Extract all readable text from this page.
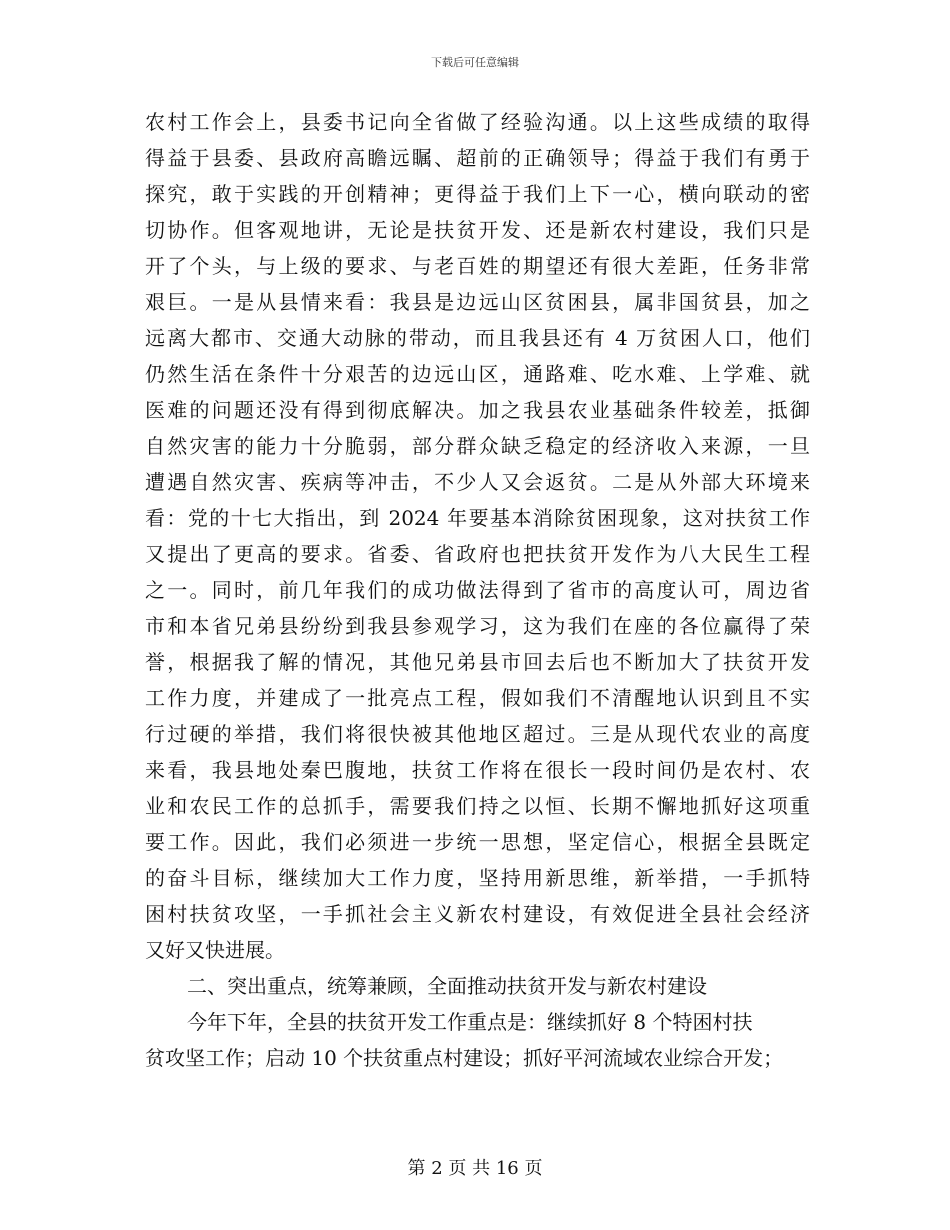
下载后可任意编辑
农村工作会上，县委书记向全省做了经验沟通。以上这些成绩的取得
得益于县委、县政府高瞻远瞩、超前的正确领导；得益于我们有勇于
探究，敢于实践的开创精神；更得益于我们上下一心，横向联动的密
切协作。但客观地讲，无论是扶贫开发、还是新农村建设，我们只是
开了个头，与上级的要求、与老百姓的期望还有很大差距，任务非常
艰巨。一是从县情来看：我县是边远山区贫困县，属非国贫县，加之
远离大都市、交通大动脉的带动，而且我县还有 4 万贫困人口，他们
仍然生活在条件十分艰苦的边远山区，通路难、吃水难、上学难、就
医难的问题还没有得到彻底解决。加之我县农业基础条件较差，抵御
自然灾害的能力十分脆弱，部分群众缺乏稳定的经济收入来源，一旦
遭遇自然灾害、疾病等冲击，不少人又会返贫。二是从外部大环境来
看：党的十七大指出，到 2024 年要基本消除贫困现象，这对扶贫工作
又提出了更高的要求。省委、省政府也把扶贫开发作为八大民生工程
之一。同时，前几年我们的成功做法得到了省市的高度认可，周边省
市和本省兄弟县纷纷到我县参观学习，这为我们在座的各位赢得了荣
誉，根据我了解的情况，其他兄弟县市回去后也不断加大了扶贫开发
工作力度，并建成了一批亮点工程，假如我们不清醒地认识到且不实
行过硬的举措，我们将很快被其他地区超过。三是从现代农业的高度
来看，我县地处秦巴腹地，扶贫工作将在很长一段时间仍是农村、农
业和农民工作的总抓手，需要我们持之以恒、长期不懈地抓好这项重
要工作。因此，我们必须进一步统一思想，坚定信心，根据全县既定
的奋斗目标，继续加大工作力度，坚持用新思维，新举措，一手抓特
困村扶贫攻坚，一手抓社会主义新农村建设，有效促进全县社会经济
又好又快进展。
二、突出重点，统筹兼顾，全面推动扶贫开发与新农村建设
今年下年，全县的扶贫开发工作重点是：继续抓好 8 个特困村扶
贫攻坚工作；启动 10 个扶贫重点村建设；抓好平河流域农业综合开发；
第 2 页 共 16 页
